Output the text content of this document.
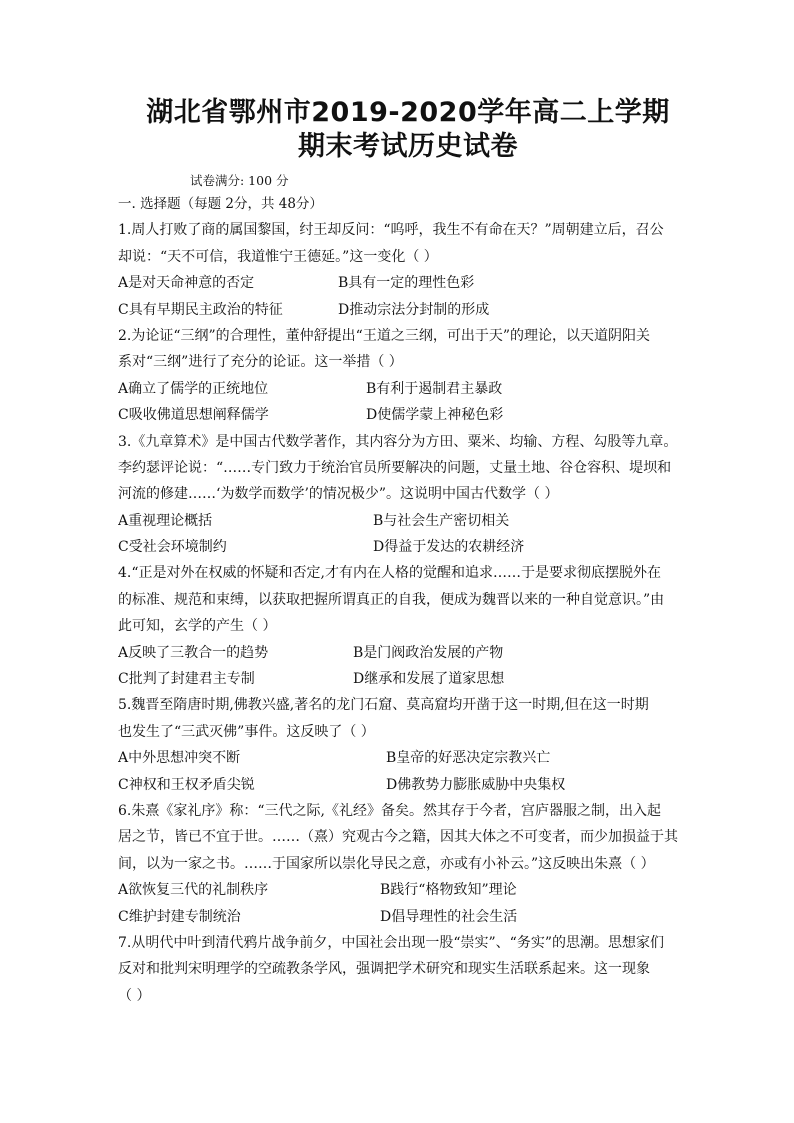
湖北省鄂州市2019-2020学年高二上学期
期末考试历史试卷
试卷满分: 100 分
一. 选择题（每题 2分，共 48分）
1.周人打败了商的属国黎国，纣王却反问：“呜呼，我生不有命在天？”周朝建立后，召公
却说：“天不可信，我道惟宁王德延。”这一变化（ ）
A是对天命神意的否定	B具有一定的理性色彩
C具有早期民主政治的特征	D推动宗法分封制的形成
2.为论证“三纲”的合理性，董仲舒提出“王道之三纲，可出于天”的理论，以天道阴阳关
系对“三纲”进行了充分的论证。这一举措（ ）
A确立了儒学的正统地位	B有利于遏制君主暴政
C吸收佛道思想阐释儒学	D使儒学蒙上神秘色彩
3.《九章算术》是中国古代数学著作，其内容分为方田、粟米、均输、方程、勾股等九章。
李约瑟评论说：“……专门致力于统治官员所要解决的问题，丈量土地、谷仓容积、堤坝和
河流的修建……‘为数学而数学’的情况极少”。这说明中国古代数学（ ）
A重视理论概括	B与社会生产密切相关
C受社会环境制约	D得益于发达的农耕经济
4.“正是对外在权威的怀疑和否定,才有内在人格的觉醒和追求……于是要求彻底摆脱外在
的标准、规范和束缚，以获取把握所谓真正的自我，便成为魏晋以来的一种自觉意识。”由
此可知，玄学的产生（ ）
A反映了三教合一的趋势	B是门阀政治发展的产物
C批判了封建君主专制	D继承和发展了道家思想
5.魏晋至隋唐时期,佛教兴盛,著名的龙门石窟、莫高窟均开凿于这一时期,但在这一时期
也发生了“三武灭佛”事件。这反映了（ ）
A中外思想冲突不断	B皇帝的好恶决定宗教兴亡
C神权和王权矛盾尖锐	D佛教势力膨胀威胁中央集权
6.朱熹《家礼序》称：“三代之际,《礼经》备矣。然其存于今者，宫庐器服之制，出入起
居之节，皆已不宜于世。……（熹）究观古今之籍，因其大体之不可变者，而少加损益于其
间，以为一家之书。……于国家所以崇化导民之意，亦或有小补云。”这反映出朱熹（ ）
A欲恢复三代的礼制秩序	B践行“格物致知”理论
C维护封建专制统治	D倡导理性的社会生活
7.从明代中叶到清代鸦片战争前夕，中国社会出现一股“崇实”、“务实”的思潮。思想家们
反对和批判宋明理学的空疏教条学风，强调把学术研究和现实生活联系起来。这一现象
（ ）
